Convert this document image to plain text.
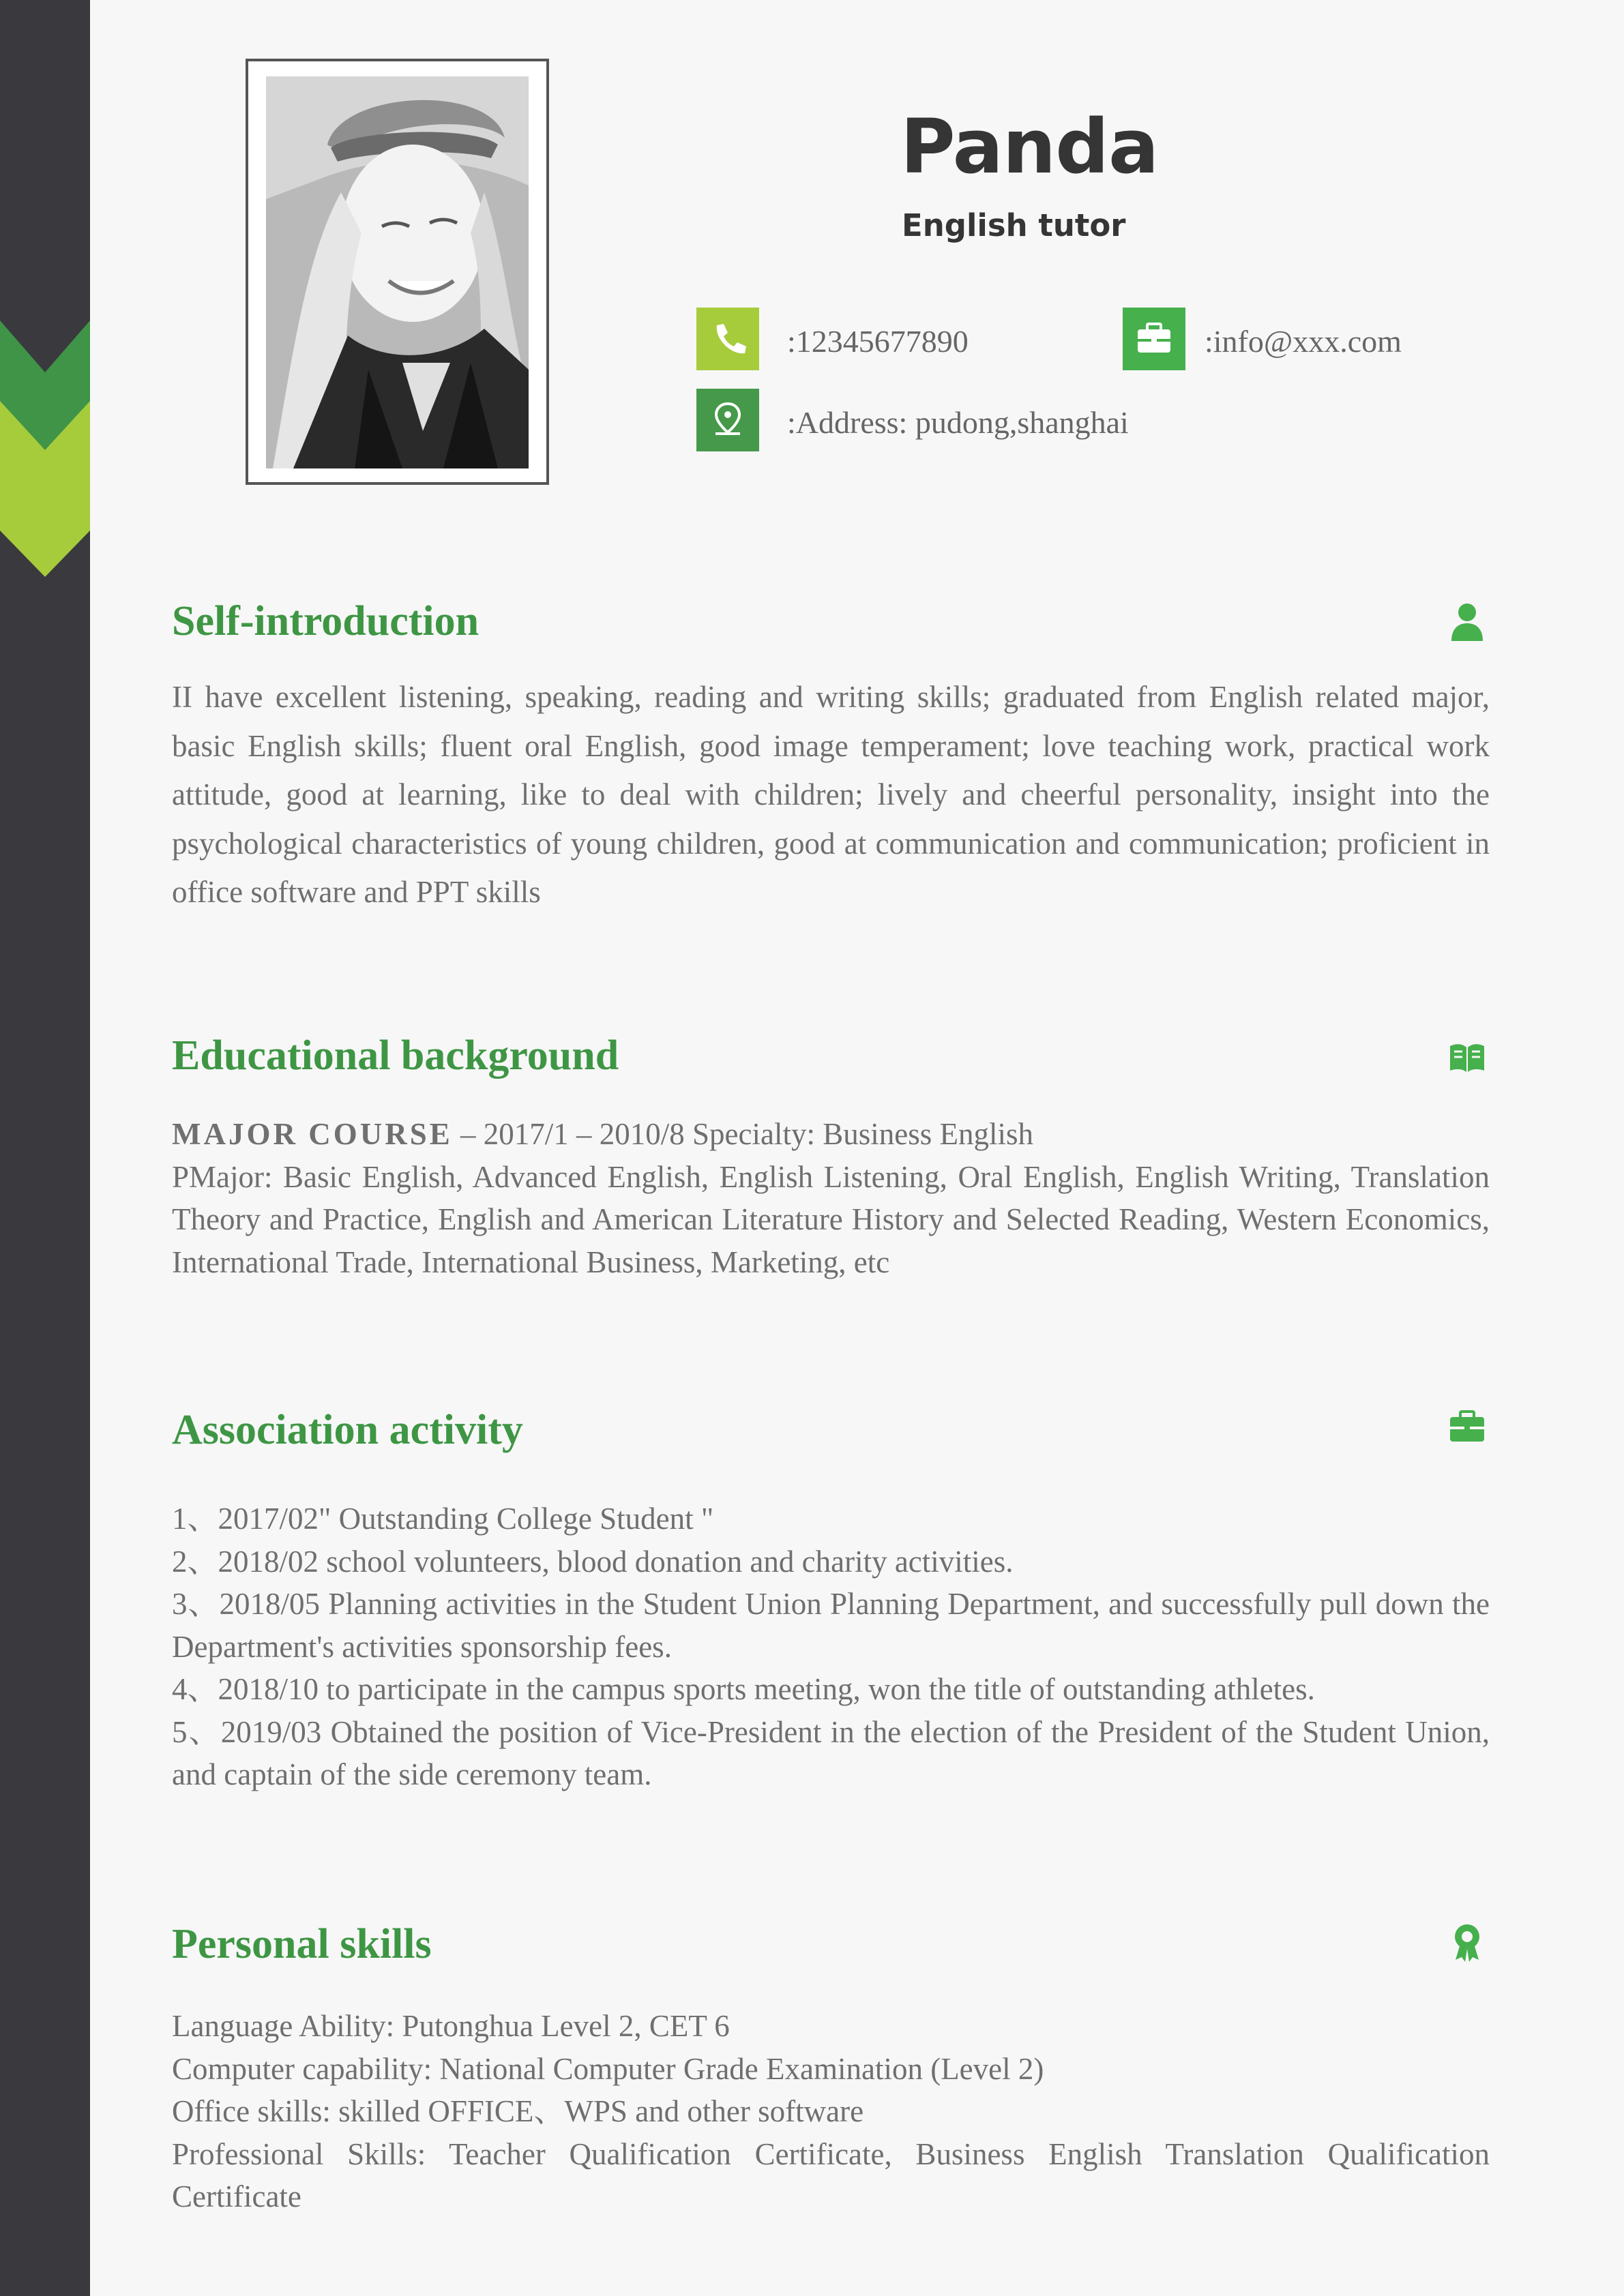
Panda
English tutor
:12345677890	:info@xxx.com
:Address: pudong,shanghai
Self-introduction
II have excellent listening, speaking, reading and writing skills; graduated from English related major, basic English skills; fluent oral English, good image temperament; love teaching work, practical work attitude, good at learning, like to deal with children; lively and cheerful personality, insight into the psychological characteristics of young children, good at communication and communication; proficient in office software and PPT skills
Educational background
MAJOR COURSE – 2017/1 – 2010/8 Specialty: Business English
PMajor: Basic English, Advanced English, English Listening, Oral English, English Writing, Translation Theory and Practice, English and American Literature History and Selected Reading, Western Economics, International Trade, International Business, Marketing, etc
Association activity
1、2017/02" Outstanding College Student "
2、2018/02 school volunteers, blood donation and charity activities.
3、2018/05 Planning activities in the Student Union Planning Department, and successfully pull down the Department's activities sponsorship fees.
4、2018/10 to participate in the campus sports meeting, won the title of outstanding athletes.
5、2019/03 Obtained the position of Vice-President in the election of the President of the Student Union, and captain of the side ceremony team.
Personal skills
Language Ability: Putonghua Level 2, CET 6
Computer capability: National Computer Grade Examination (Level 2)
Office skills: skilled OFFICE、WPS and other software
Professional Skills: Teacher Qualification Certificate, Business English Translation Qualification Certificate
